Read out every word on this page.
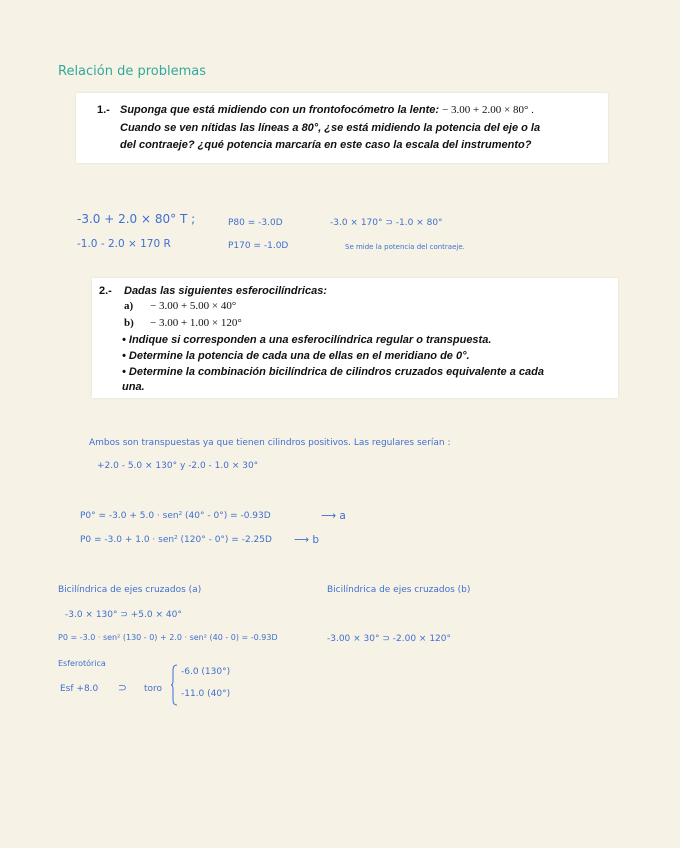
Relación de problemas
1.- Suponga que está midiendo con un frontofocómetro la lente: − 3.00 + 2.00 × 80° .
Cuando se ven nítidas las líneas a 80°, ¿se está midiendo la potencia del eje o la
del contraeje? ¿qué potencia marcaría en este caso la escala del instrumento?
-3.0 + 2.0 × 80° T ;
-1.0 - 2.0 × 170 R
P80 = -3.0D
P170 = -1.0D
-3.0 × 170° ⊃ -1.0 × 80°
Se mide la potencia del contraeje.
2.- Dadas las siguientes esferocilíndricas:
a) − 3.00 + 5.00 × 40°
b) − 3.00 + 1.00 × 120°
• Indique si corresponden a una esferocilíndrica regular o transpuesta.
• Determine la potencia de cada una de ellas en el meridiano de 0°.
• Determine la combinación bicilíndrica de cilindros cruzados equivalente a cada
una.
Ambos son transpuestas ya que tienen cilindros positivos. Las regulares serían :
+2.0 - 5.0 × 130° y -2.0 - 1.0 × 30°
P0° = -3.0 + 5.0 · sen² (40° - 0°) = -0.93D	⟶ a
P0 = -3.0 + 1.0 · sen² (120° - 0°) = -2.25D ⟶ b
Bicilíndrica de ejes cruzados (a)	Bicilíndrica de ejes cruzados (b)
-3.0 × 130° ⊃ +5.0 × 40°
P0 = -3.0 · sen² (130 - 0) + 2.0 · sen² (40 - 0) = -0.93D	-3.00 × 30° ⊃ -2.00 × 120°
Esferotórica
Esf +8.0 ⊃ toro
-6.0 (130°)
-11.0 (40°)
